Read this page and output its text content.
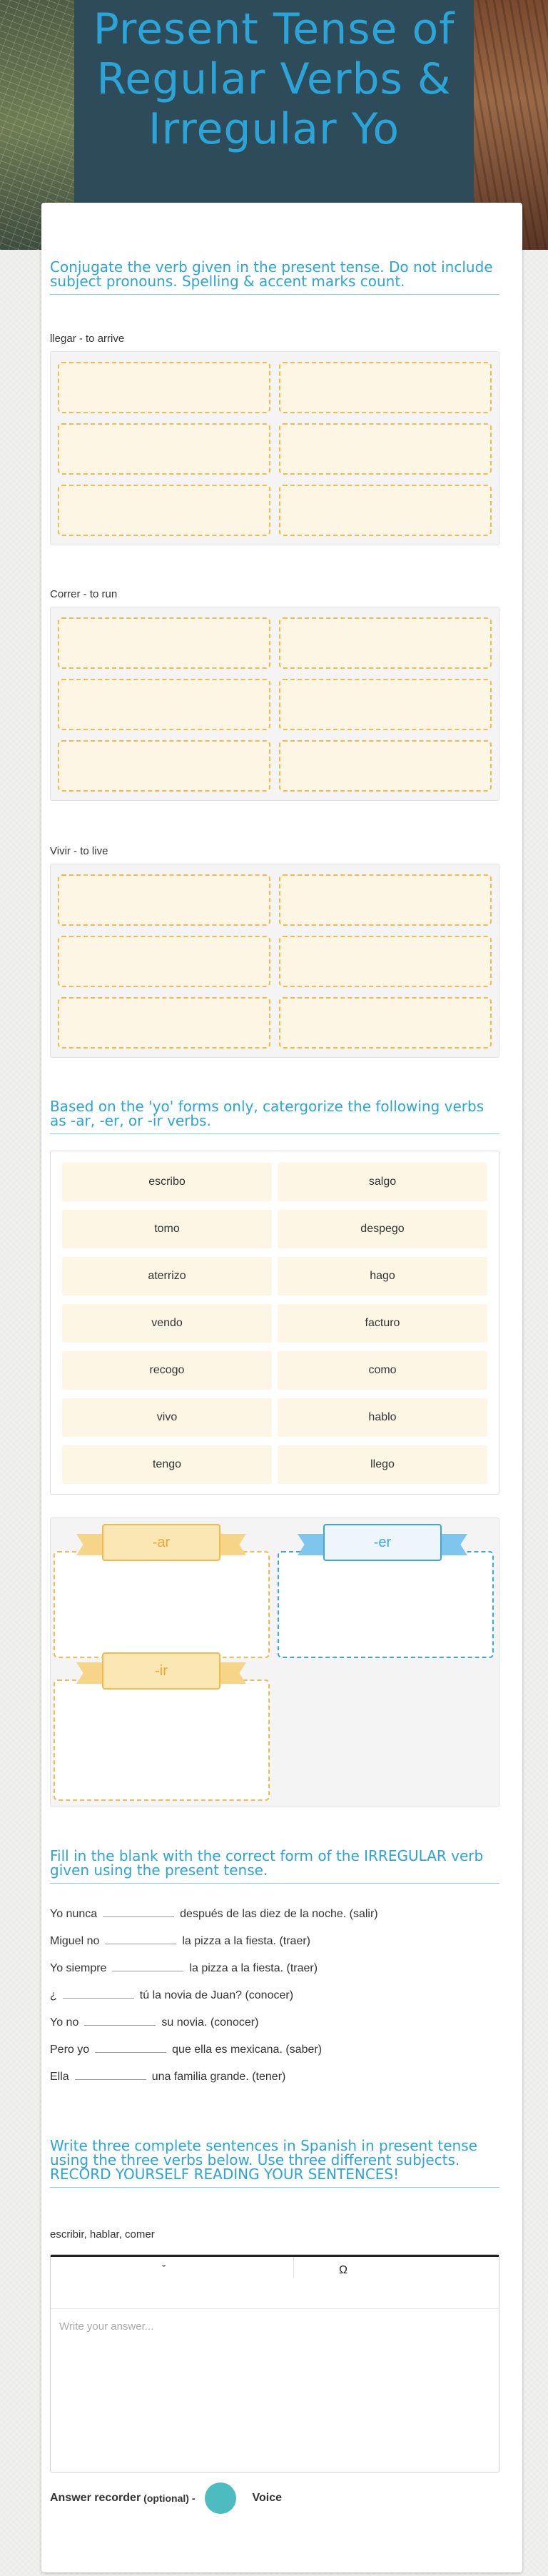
Present Tense of Regular Verbs & Irregular Yo
Conjugate the verb given in the present tense. Do not include subject pronouns. Spelling & accent marks count.
llegar - to arrive
Correr - to run
Vivir - to live
Based on the 'yo' forms only, catergorize the following verbs as -ar, -er, or -ir verbs.
escribo	salgo
tomo	despego
aterrizo	hago
vendo	facturo
recogo	como
vivo	hablo
tengo	llego
-ar	-er
-ir
Fill in the blank with the correct form of the IRREGULAR verb given using the present tense.
Yo nunca	después de las diez de la noche. (salir)
Miguel no	la pizza a la fiesta. (traer)
Yo siempre	la pizza a la fiesta. (traer)
¿	tú la novia de Juan? (conocer)
Yo no	su novia. (conocer)
Pero yo	que ella es mexicana. (saber)
Ella	una familia grande. (tener)
Write three complete sentences in Spanish in present tense using the three verbs below. Use three different subjects. RECORD YOURSELF READING YOUR SENTENCES!
escribir, hablar, comer
ˇ	Ω
Write your answer...
Answer recorder (optional) -	Voice
